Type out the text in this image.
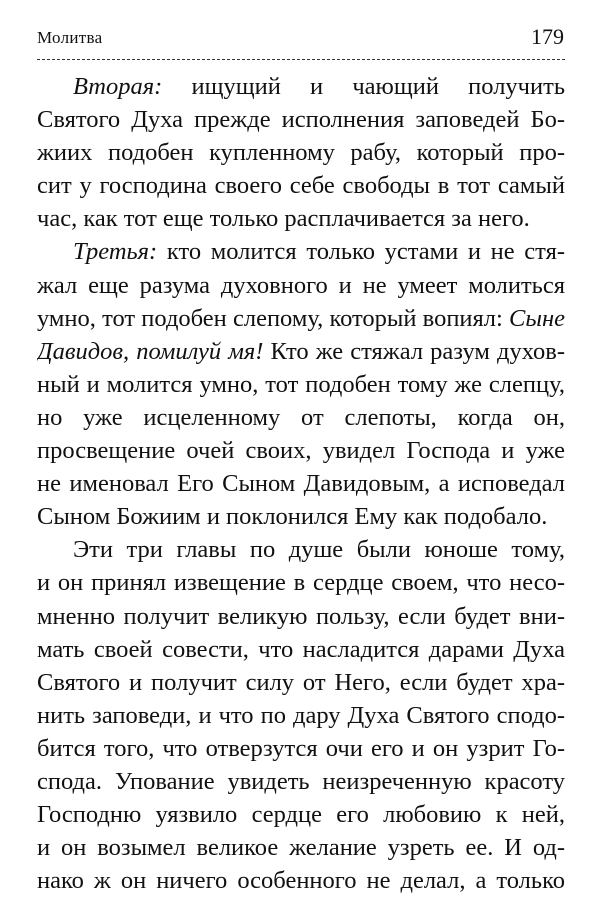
Молитва	179
Вторая: ищущий и чающий получить
Святого Духа прежде исполнения заповедей Бо-
жиих подобен купленному рабу, который про-
сит у господина своего себе свободы в тот самый
час, как тот еще только расплачивается за него.
Третья: кто молится только устами и не стя-
жал еще разума духовного и не умеет молиться
умно, тот подобен слепому, который вопиял: Сыне
Давидов, помилуй мя! Кто же стяжал разум духов-
ный и молится умно, тот подобен тому же слепцу,
но уже исцеленному от слепоты, когда он,
просвещение очей своих, увидел Господа и уже
не именовал Его Сыном Давидовым, а исповедал
Сыном Божиим и поклонился Ему как подобало.
Эти три главы по душе были юноше тому,
и он принял извещение в сердце своем, что несо-
мненно получит великую пользу, если будет вни-
мать своей совести, что насладится дарами Духа
Святого и получит силу от Него, если будет хра-
нить заповеди, и что по дару Духа Святого сподо-
бится того, что отверзутся очи его и он узрит Го-
спода. Упование увидеть неизреченную красоту
Господню уязвило сердце его любовию к ней,
и он возымел великое желание узреть ее. И од-
нако ж он ничего особенного не делал, а только
